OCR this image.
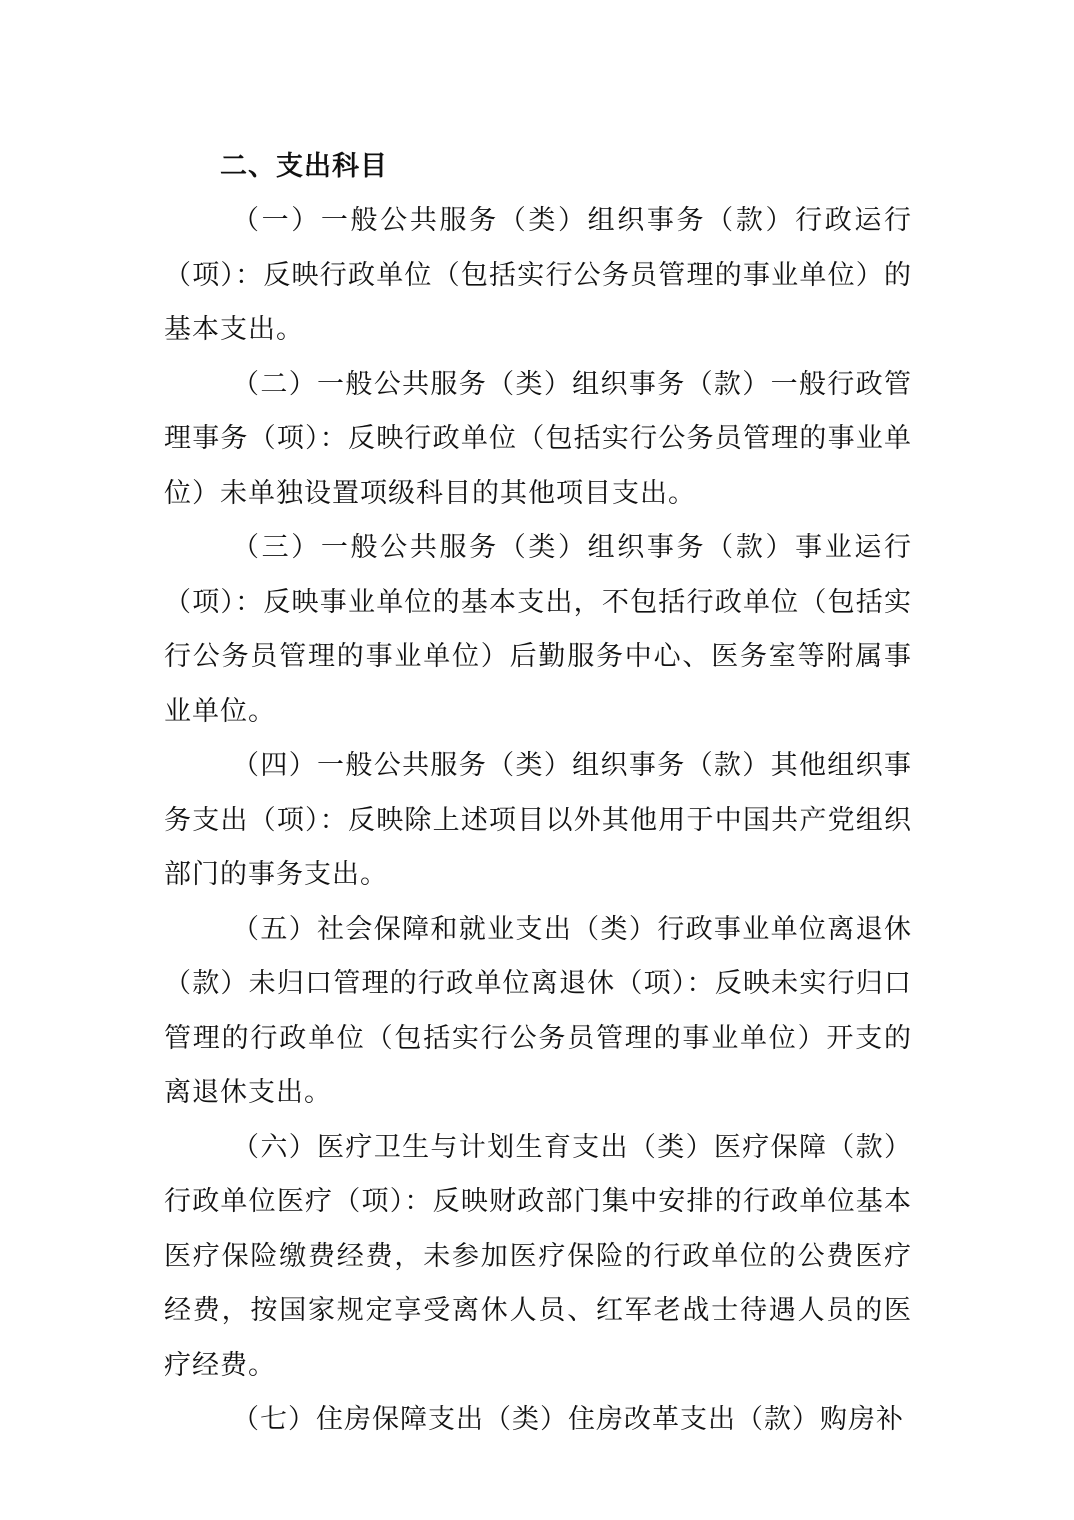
二、支出科目

（一）一般公共服务（类）组织事务（款）行政运行（项）：反映行政单位（包括实行公务员管理的事业单位）的基本支出。

（二）一般公共服务（类）组织事务（款）一般行政管理事务（项）：反映行政单位（包括实行公务员管理的事业单位）未单独设置项级科目的其他项目支出。

（三）一般公共服务（类）组织事务（款）事业运行（项）：反映事业单位的基本支出，不包括行政单位（包括实行公务员管理的事业单位）后勤服务中心、医务室等附属事业单位。

（四）一般公共服务（类）组织事务（款）其他组织事务支出（项）：反映除上述项目以外其他用于中国共产党组织部门的事务支出。

（五）社会保障和就业支出（类）行政事业单位离退休（款）未归口管理的行政单位离退休（项）：反映未实行归口管理的行政单位（包括实行公务员管理的事业单位）开支的离退休支出。

（六）医疗卫生与计划生育支出（类）医疗保障（款）行政单位医疗（项）：反映财政部门集中安排的行政单位基本医疗保险缴费经费，未参加医疗保险的行政单位的公费医疗经费，按国家规定享受离休人员、红军老战士待遇人员的医疗经费。

（七）住房保障支出（类）住房改革支出（款）购房补
